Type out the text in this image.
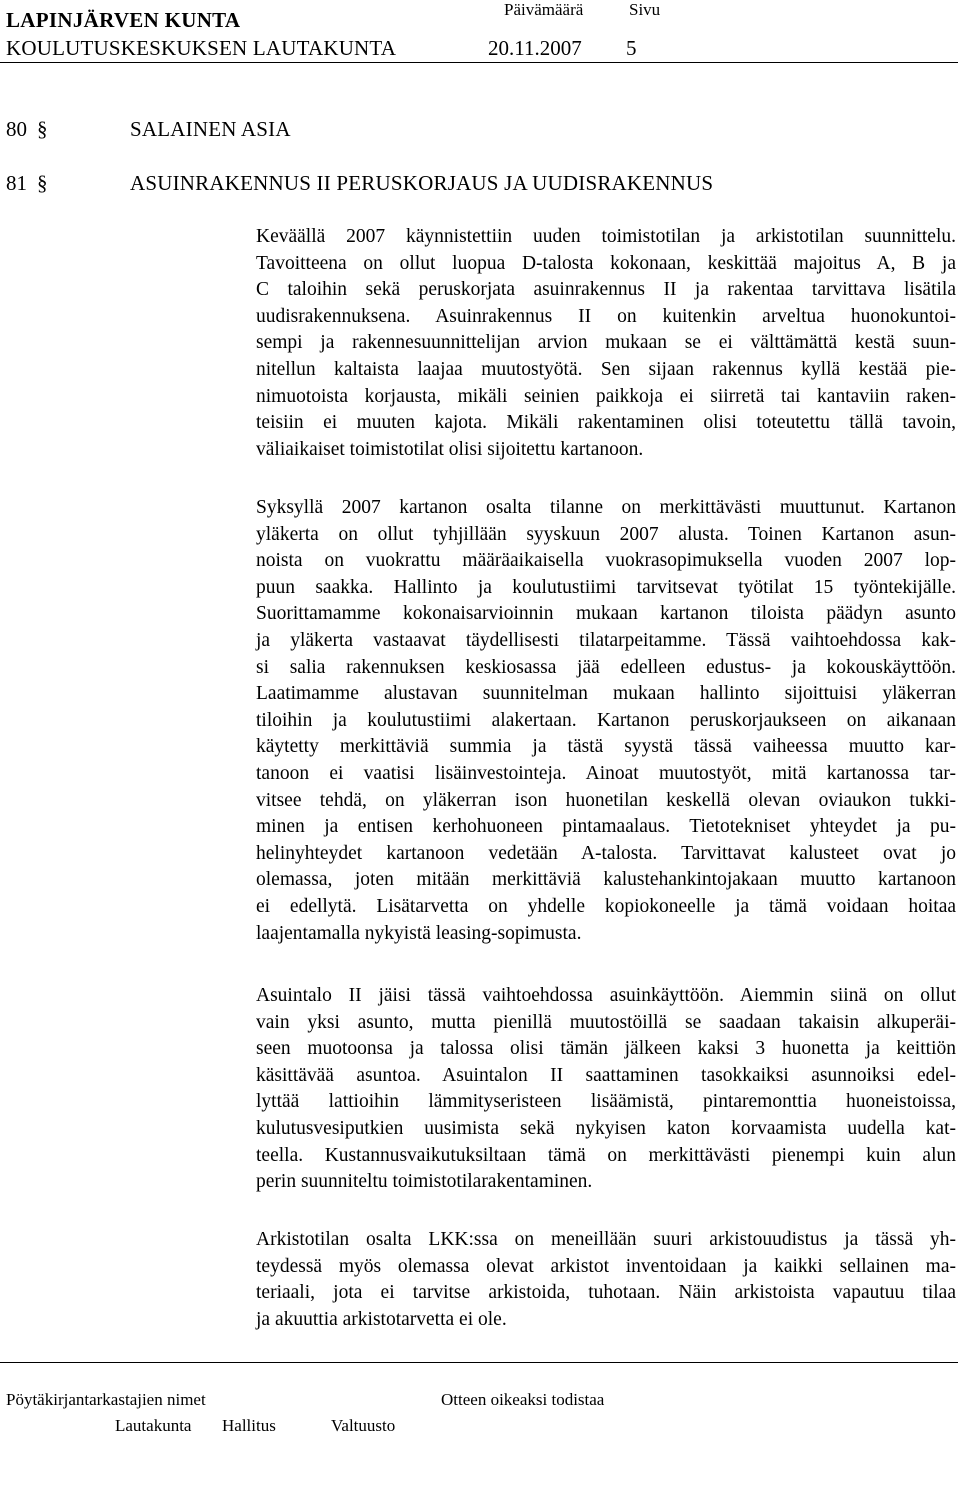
LAPINJÄRVEN KUNTA	Päivämäärä	Sivu
KOULUTUSKESKUKSEN LAUTAKUNTA	20.11.2007 5
80 §	SALAINEN ASIA
81 §	ASUINRAKENNUS II PERUSKORJAUS JA UUDISRAKENNUS
Keväällä 2007 käynnistettiin uuden toimistotilan ja arkistotilan suunnittelu.
Tavoitteena on ollut luopua D-talosta kokonaan, keskittää majoitus A, B ja
C taloihin sekä peruskorjata asuinrakennus II ja rakentaa tarvittava lisätila
uudisrakennuksena. Asuinrakennus II on kuitenkin arveltua huonokuntoi-
sempi ja rakennesuunnittelijan arvion mukaan se ei välttämättä kestä suun-
nitellun kaltaista laajaa muutostyötä. Sen sijaan rakennus kyllä kestää pie-
nimuotoista korjausta, mikäli seinien paikkoja ei siirretä tai kantaviin raken-
teisiin ei muuten kajota. Mikäli rakentaminen olisi toteutettu tällä tavoin,
väliaikaiset toimistotilat olisi sijoitettu kartanoon.
Syksyllä 2007 kartanon osalta tilanne on merkittävästi muuttunut. Kartanon
yläkerta on ollut tyhjillään syyskuun 2007 alusta. Toinen Kartanon asun-
noista on vuokrattu määräaikaisella vuokrasopimuksella vuoden 2007 lop-
puun saakka. Hallinto ja koulutustiimi tarvitsevat työtilat 15 työntekijälle.
Suorittamamme kokonaisarvioinnin mukaan kartanon tiloista päädyn asunto
ja yläkerta vastaavat täydellisesti tilatarpeitamme. Tässä vaihtoehdossa kak-
si salia rakennuksen keskiosassa jää edelleen edustus- ja kokouskäyttöön.
Laatimamme alustavan suunnitelman mukaan hallinto sijoittuisi yläkerran
tiloihin ja koulutustiimi alakertaan. Kartanon peruskorjaukseen on aikanaan
käytetty merkittäviä summia ja tästä syystä tässä vaiheessa muutto kar-
tanoon ei vaatisi lisäinvestointeja. Ainoat muutostyöt, mitä kartanossa tar-
vitsee tehdä, on yläkerran ison huonetilan keskellä olevan oviaukon tukki-
minen ja entisen kerhohuoneen pintamaalaus. Tietotekniset yhteydet ja pu-
helinyhteydet kartanoon vedetään A-talosta. Tarvittavat kalusteet ovat jo
olemassa, joten mitään merkittäviä kalustehankintojakaan muutto kartanoon
ei edellytä. Lisätarvetta on yhdelle kopiokoneelle ja tämä voidaan hoitaa
laajentamalla nykyistä leasing-sopimusta.
Asuintalo II jäisi tässä vaihtoehdossa asuinkäyttöön. Aiemmin siinä on ollut
vain yksi asunto, mutta pienillä muutostöillä se saadaan takaisin alkuperäi-
seen muotoonsa ja talossa olisi tämän jälkeen kaksi 3 huonetta ja keittiön
käsittävää asuntoa. Asuintalon II saattaminen tasokkaiksi asunnoiksi edel-
lyttää lattioihin lämmityseristeen lisäämistä, pintaremonttia huoneistoissa,
kulutusvesiputkien uusimista sekä nykyisen katon korvaamista uudella kat-
teella. Kustannusvaikutuksiltaan tämä on merkittävästi pienempi kuin alun
perin suunniteltu toimistotilarakentaminen.
Arkistotilan osalta LKK:ssa on meneillään suuri arkistouudistus ja tässä yh-
teydessä myös olemassa olevat arkistot inventoidaan ja kaikki sellainen ma-
teriaali, jota ei tarvitse arkistoida, tuhotaan. Näin arkistoista vapautuu tilaa
ja akuuttia arkistotarvetta ei ole.
Pöytäkirjantarkastajien nimet	Otteen oikeaksi todistaa
Lautakunta Hallitus	Valtuusto
